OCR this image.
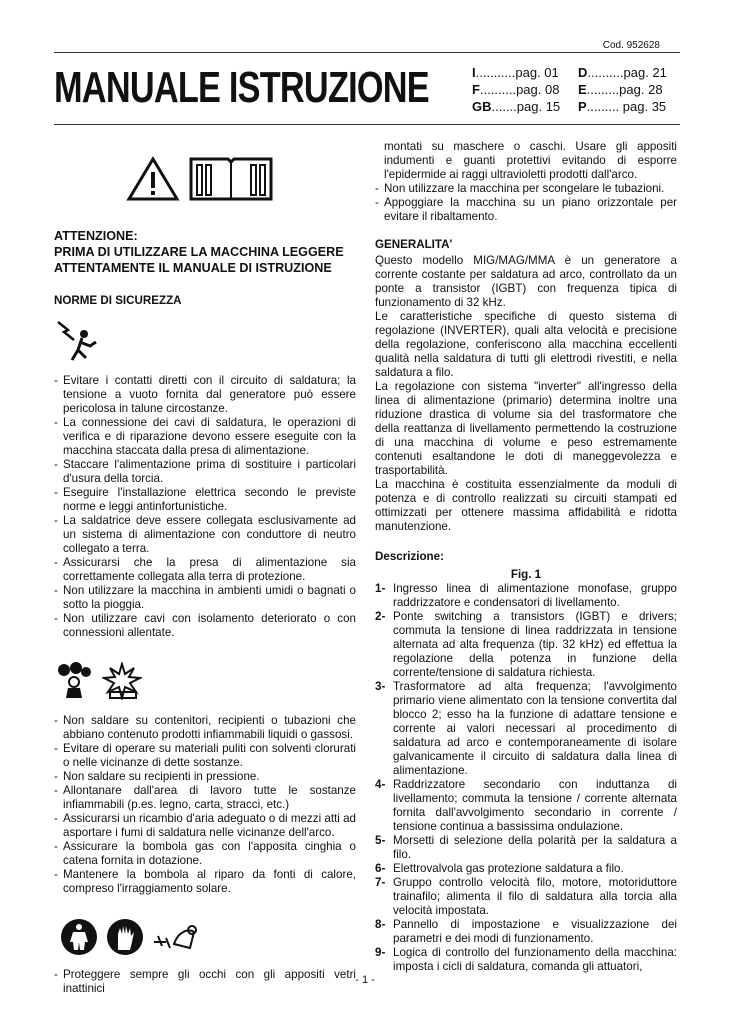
Cod. 952628
MANUALE ISTRUZIONE	I...........pag. 01	D..........pag. 21
F..........pag. 08	E.........pag. 28
GB.......pag. 15	P......... pag. 35

ATTENZIONE:

PRIMA DI UTILIZZARE LA MACCHINA LEGGERE ATTENTAMENTE IL MANUALE DI ISTRUZIONE

NORME DI SICUREZZA

- Evitare i contatti diretti con il circuito di saldatura; la tensione a vuoto fornita dal generatore può essere pericolosa in talune circostanze.
- La connessione dei cavi di saldatura, le operazioni di verifica e di riparazione devono essere eseguite con la macchina staccata dalla presa di alimentazione.
- Staccare l'alimentazione prima di sostituire i particolari d'usura della torcia.
- Eseguire l'installazione elettrica secondo le previste norme e leggi antinfortunistiche.
- La saldatrice deve essere collegata esclusivamente ad un sistema di alimentazione con conduttore di neutro collegato a terra.
- Assicurarsi che la presa di alimentazione sia correttamente collegata alla terra di protezione.
- Non utilizzare la macchina in ambienti umidi o bagnati o sotto la pioggia.
- Non utilizzare cavi con isolamento deteriorato o con connessioni allentate.
- Non saldare su contenitori, recipienti o tubazioni che abbiano contenuto prodotti infiammabili liquidi o gassosi.
- Evitare di operare su materiali puliti con solventi clorurati o nelle vicinanze di dette sostanze.
- Non saldare su recipienti in pressione.
- Allontanare dall'area di lavoro tutte le sostanze infiammabili (p.es. legno, carta, stracci, etc.)
- Assicurarsi un ricambio d'aria adeguato o di mezzi atti ad asportare i fumi di saldatura nelle vicinanze dell'arco.
- Assicurare la bombola gas con l'apposita cinghia o catena fornita in dotazione.
- Mantenere la bombola al riparo da fonti di calore, compreso l'irraggiamento solare.
- Proteggere sempre gli occhi con gli appositi vetri inattinici

montati su maschere o caschi. Usare gli appositi indumenti e guanti protettivi evitando di esporre l'epidermide ai raggi ultravioletti prodotti dall'arco.

- Non utilizzare la macchina per scongelare le tubazioni.
- Appoggiare la macchina su un piano orizzontale per evitare il ribaltamento.

GENERALITA'

Questo modello MIG/MAG/MMA è un generatore a corrente costante per saldatura ad arco, controllato da un ponte a transistor (IGBT) con frequenza tipica di funzionamento di 32 kHz.

Le caratteristiche specifiche di questo sistema di regolazione (INVERTER), quali alta velocità e precisione della regolazione, conferiscono alla macchina eccellenti qualità nella saldatura di tutti gli elettrodi rivestiti, e nella saldatura a filo.

La regolazione con sistema "inverter" all'ingresso della linea di alimentazione (primario) determina inoltre una riduzione drastica di volume sia del trasformatore che della reattanza di livellamento permettendo la costruzione di una macchina di volume e peso estremamente contenuti esaltandone le doti di maneggevolezza e trasportabilità.

La macchina è costituita essenzialmente da moduli di potenza e di controllo realizzati su circuiti stampati ed ottimizzati per ottenere massima affidabilità e ridotta manutenzione.

Descrizione:

Fig. 1

1- Ingresso linea di alimentazione monofase, gruppo raddrizzatore e condensatori di livellamento.
2- Ponte switching a transistors (IGBT) e drivers; commuta la tensione di linea raddrizzata in tensione alternata ad alta frequenza (tip. 32 kHz) ed effettua la regolazione della potenza in funzione della corrente/tensione di saldatura richiesta.
3- Trasformatore ad alta frequenza; l'avvolgimento primario viene alimentato con la tensione convertita dal blocco 2; esso ha la funzione di adattare tensione e corrente ai valori necessari al procedimento di saldatura ad arco e contemporaneamente di isolare galvanicamente il circuito di saldatura dalla linea di alimentazione.
4- Raddrizzatore secondario con induttanza di livellamento; commuta la tensione / corrente alternata fornita dall'avvolgimento secondario in corrente / tensione continua a bassissima ondulazione.
5- Morsetti di selezione della polarità per la saldatura a filo.
6- Elettrovalvola gas protezione saldatura a filo.
7- Gruppo controllo velocità filo, motore, motoriduttore trainafilo; alimenta il filo di saldatura alla torcia alla velocità impostata.
8- Pannello di impostazione e visualizzazione dei parametri e dei modi di funzionamento.
9- Logica di controllo del funzionamento della macchina: imposta i cicli di saldatura, comanda gli attuatori,
- 1 -
